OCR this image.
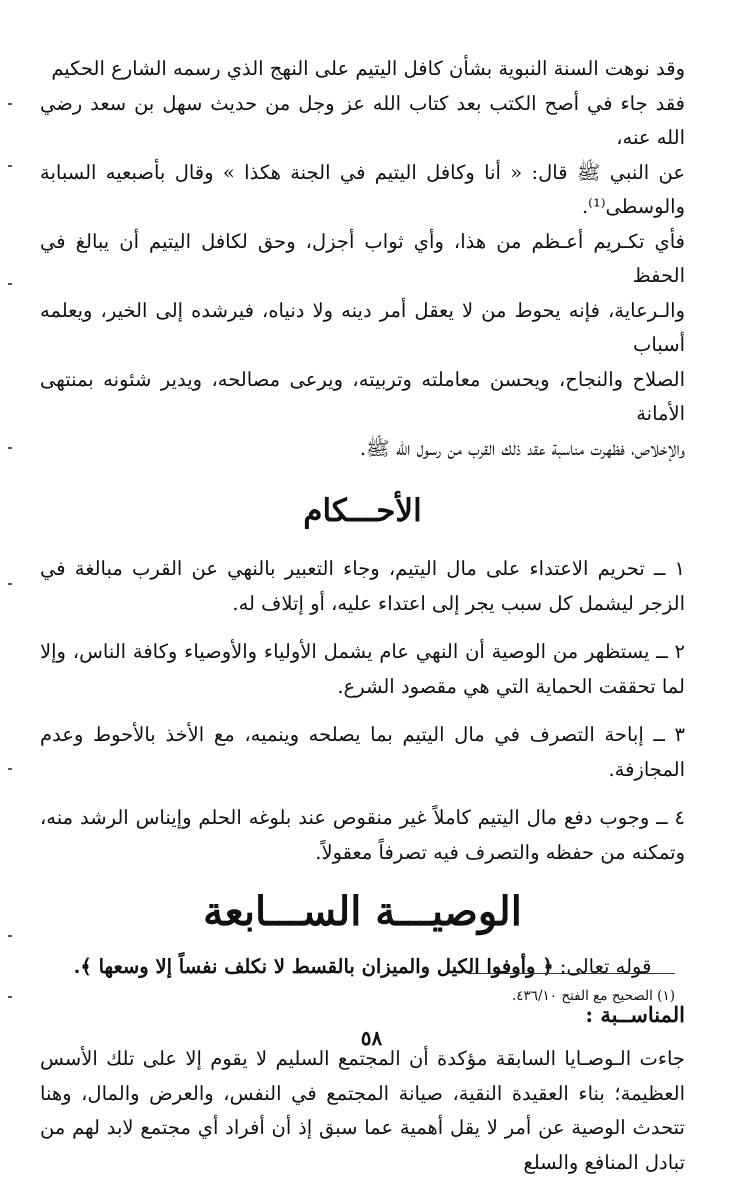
وقد نوهت السنة النبوية بشأن كافل اليتيم على النهج الذي رسمه الشارع الحكيم

فقد جاء في أصح الكتب بعد كتاب الله عز وجل من حديث سهل بن سعد رضي الله عنه،

عن النبي ﷺ قال: « أنا وكافل اليتيم في الجنة هكذا » وقال بأصبعيه السبابة والوسطى⁽¹⁾.

فأي تكـريم أعـظم من هذا، وأي ثواب أجزل، وحق لكافل اليتيم أن يبالغ في الحفظ

والـرعاية، فإنه يحوط من لا يعقل أمر دينه ولا دنياه، فيرشده إلى الخير، ويعلمه أسباب

الصلاح والنجاح، ويحسن معاملته وتربيته، ويرعى مصالحه، ويدير شئونه بمنتهى الأمانة

والإخلاص، فظهرت مناسبة عقد ذلك القرب من رسول الله ﷺ.

الأحـــكام

١ ــ تحريم الاعتداء على مال اليتيم، وجاء التعبير بالنهي عن القرب مبالغة في الزجر ليشمل كل سبب يجر إلى اعتداء عليه، أو إتلاف له.

٢ ــ يستظهر من الوصية أن النهي عام يشمل الأولياء والأوصياء وكافة الناس، وإلا لما تحققت الحماية التي هي مقصود الشرع.

٣ ــ إباحة التصرف في مال اليتيم بما يصلحه وينميه، مع الأخذ بالأحوط وعدم المجازفة.

٤ ــ وجوب دفع مال اليتيم كاملاً غير منقوص عند بلوغه الحلم وإيناس الرشد منه، وتمكنه من حفظه والتصرف فيه تصرفاً معقولاً.

الوصيـــة الســـابعة
قوله تعالى: ﴿ وأوفوا الكيل والميزان بالقسط لا نكلف نفساً إلا وسعها ﴾.
المناســبة :

جاءت الـوصـايا السابقة مؤكدة أن المجتمع السليم لا يقوم إلا على تلك الأسس العظيمة؛ بناء العقيدة النقية، صيانة المجتمع في النفس، والعرض والمال، وهنا تتحدث الوصية عن أمر لا يقل أهمية عما سبق إذ أن أفراد أي مجتمع لابد لهم من تبادل المنافع والسلع

(١) الصحيح مع الفتح ٤٣٦/١٠.
٥٨
